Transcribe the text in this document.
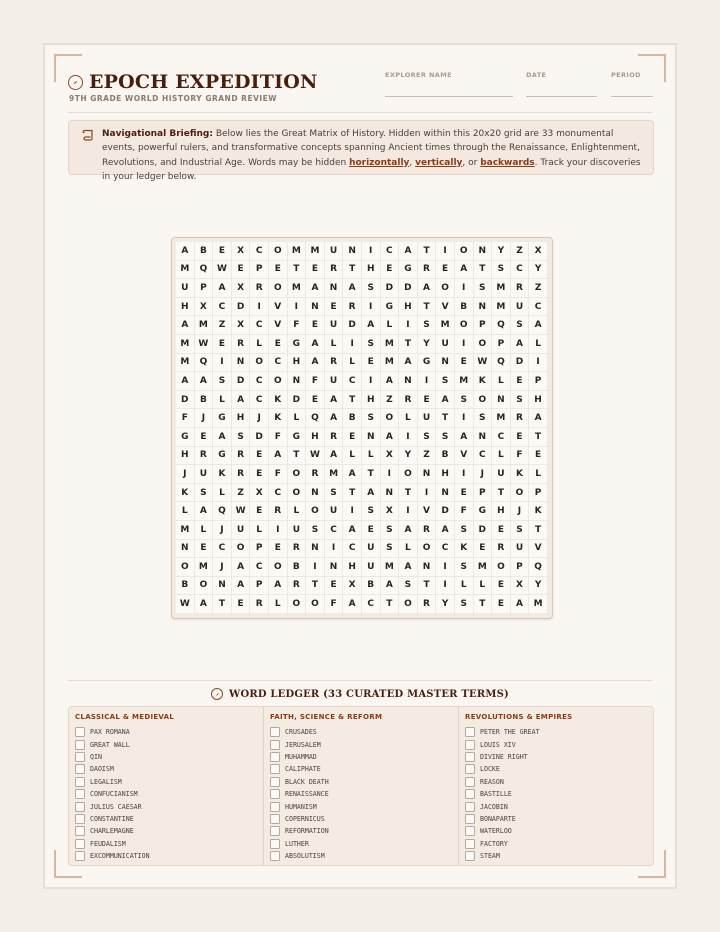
EPOCH EXPEDITION
9TH GRADE WORLD HISTORY GRAND REVIEW
EXPLORER NAME	DATE	PERIOD
Navigational Briefing: Below lies the Great Matrix of History. Hidden within this 20x20 grid are 33 monumental events, powerful rulers, and transformative concepts spanning Ancient times through the Renaissance, Enlightenment, Revolutions, and Industrial Age. Words may be hidden horizontally, vertically, or backwards. Track your discoveries in your ledger below.
A	B	E	X	C	O	M	M	U	N	I	C	A	T	I	O	N	Y	Z	X
M	Q	W	E	P	E	T	E	R	T	H	E	G	R	E	A	T	S	C	Y
U	P	A	X	R	O	M	A	N	A	S	D	D	A	O	I	S	M	R	Z
H	X	C	D	I	V	I	N	E	R	I	G	H	T	V	B	N	M	U	C
A	M	Z	X	C	V	F	E	U	D	A	L	I	S	M	O	P	Q	S	A
M	W	E	R	L	E	G	A	L	I	S	M	T	Y	U	I	O	P	A	L
M	Q	I	N	O	C	H	A	R	L	E	M	A	G	N	E	W	Q	D	I
A	A	S	D	C	O	N	F	U	C	I	A	N	I	S	M	K	L	E	P
D	B	L	A	C	K	D	E	A	T	H	Z	R	E	A	S	O	N	S	H
F	J	G	H	J	K	L	Q	A	B	S	O	L	U	T	I	S	M	R	A
G	E	A	S	D	F	G	H	R	E	N	A	I	S	S	A	N	C	E	T
H	R	G	R	E	A	T	W	A	L	L	X	Y	Z	B	V	C	L	F	E
J	U	K	R	E	F	O	R	M	A	T	I	O	N	H	I	J	U	K	L
K	S	L	Z	X	C	O	N	S	T	A	N	T	I	N	E	P	T	O	P
L	A	Q	W	E	R	L	O	U	I	S	X	I	V	D	F	G	H	J	K
M	L	J	U	L	I	U	S	C	A	E	S	A	R	A	S	D	E	S	T
N	E	C	O	P	E	R	N	I	C	U	S	L	O	C	K	E	R	U	V
O	M	J	A	C	O	B	I	N	H	U	M	A	N	I	S	M	O	P	Q
B	O	N	A	P	A	R	T	E	X	B	A	S	T	I	L	L	E	X	Y
W	A	T	E	R	L	O	O	F	A	C	T	O	R	Y	S	T	E	A	M
WORD LEDGER (33 CURATED MASTER TERMS)
CLASSICAL & MEDIEVAL
PAX ROMANA
GREAT WALL
QIN
DAOISM
LEGALISM
CONFUCIANISM
JULIUS CAESAR
CONSTANTINE
CHARLEMAGNE
FEUDALISM
EXCOMMUNICATION
FAITH, SCIENCE & REFORM
CRUSADES
JERUSALEM
MUHAMMAD
CALIPHATE
BLACK DEATH
RENAISSANCE
HUMANISM
COPERNICUS
REFORMATION
LUTHER
ABSOLUTISM
REVOLUTIONS & EMPIRES
PETER THE GREAT
LOUIS XIV
DIVINE RIGHT
LOCKE
REASON
BASTILLE
JACOBIN
BONAPARTE
WATERLOO
FACTORY
STEAM
